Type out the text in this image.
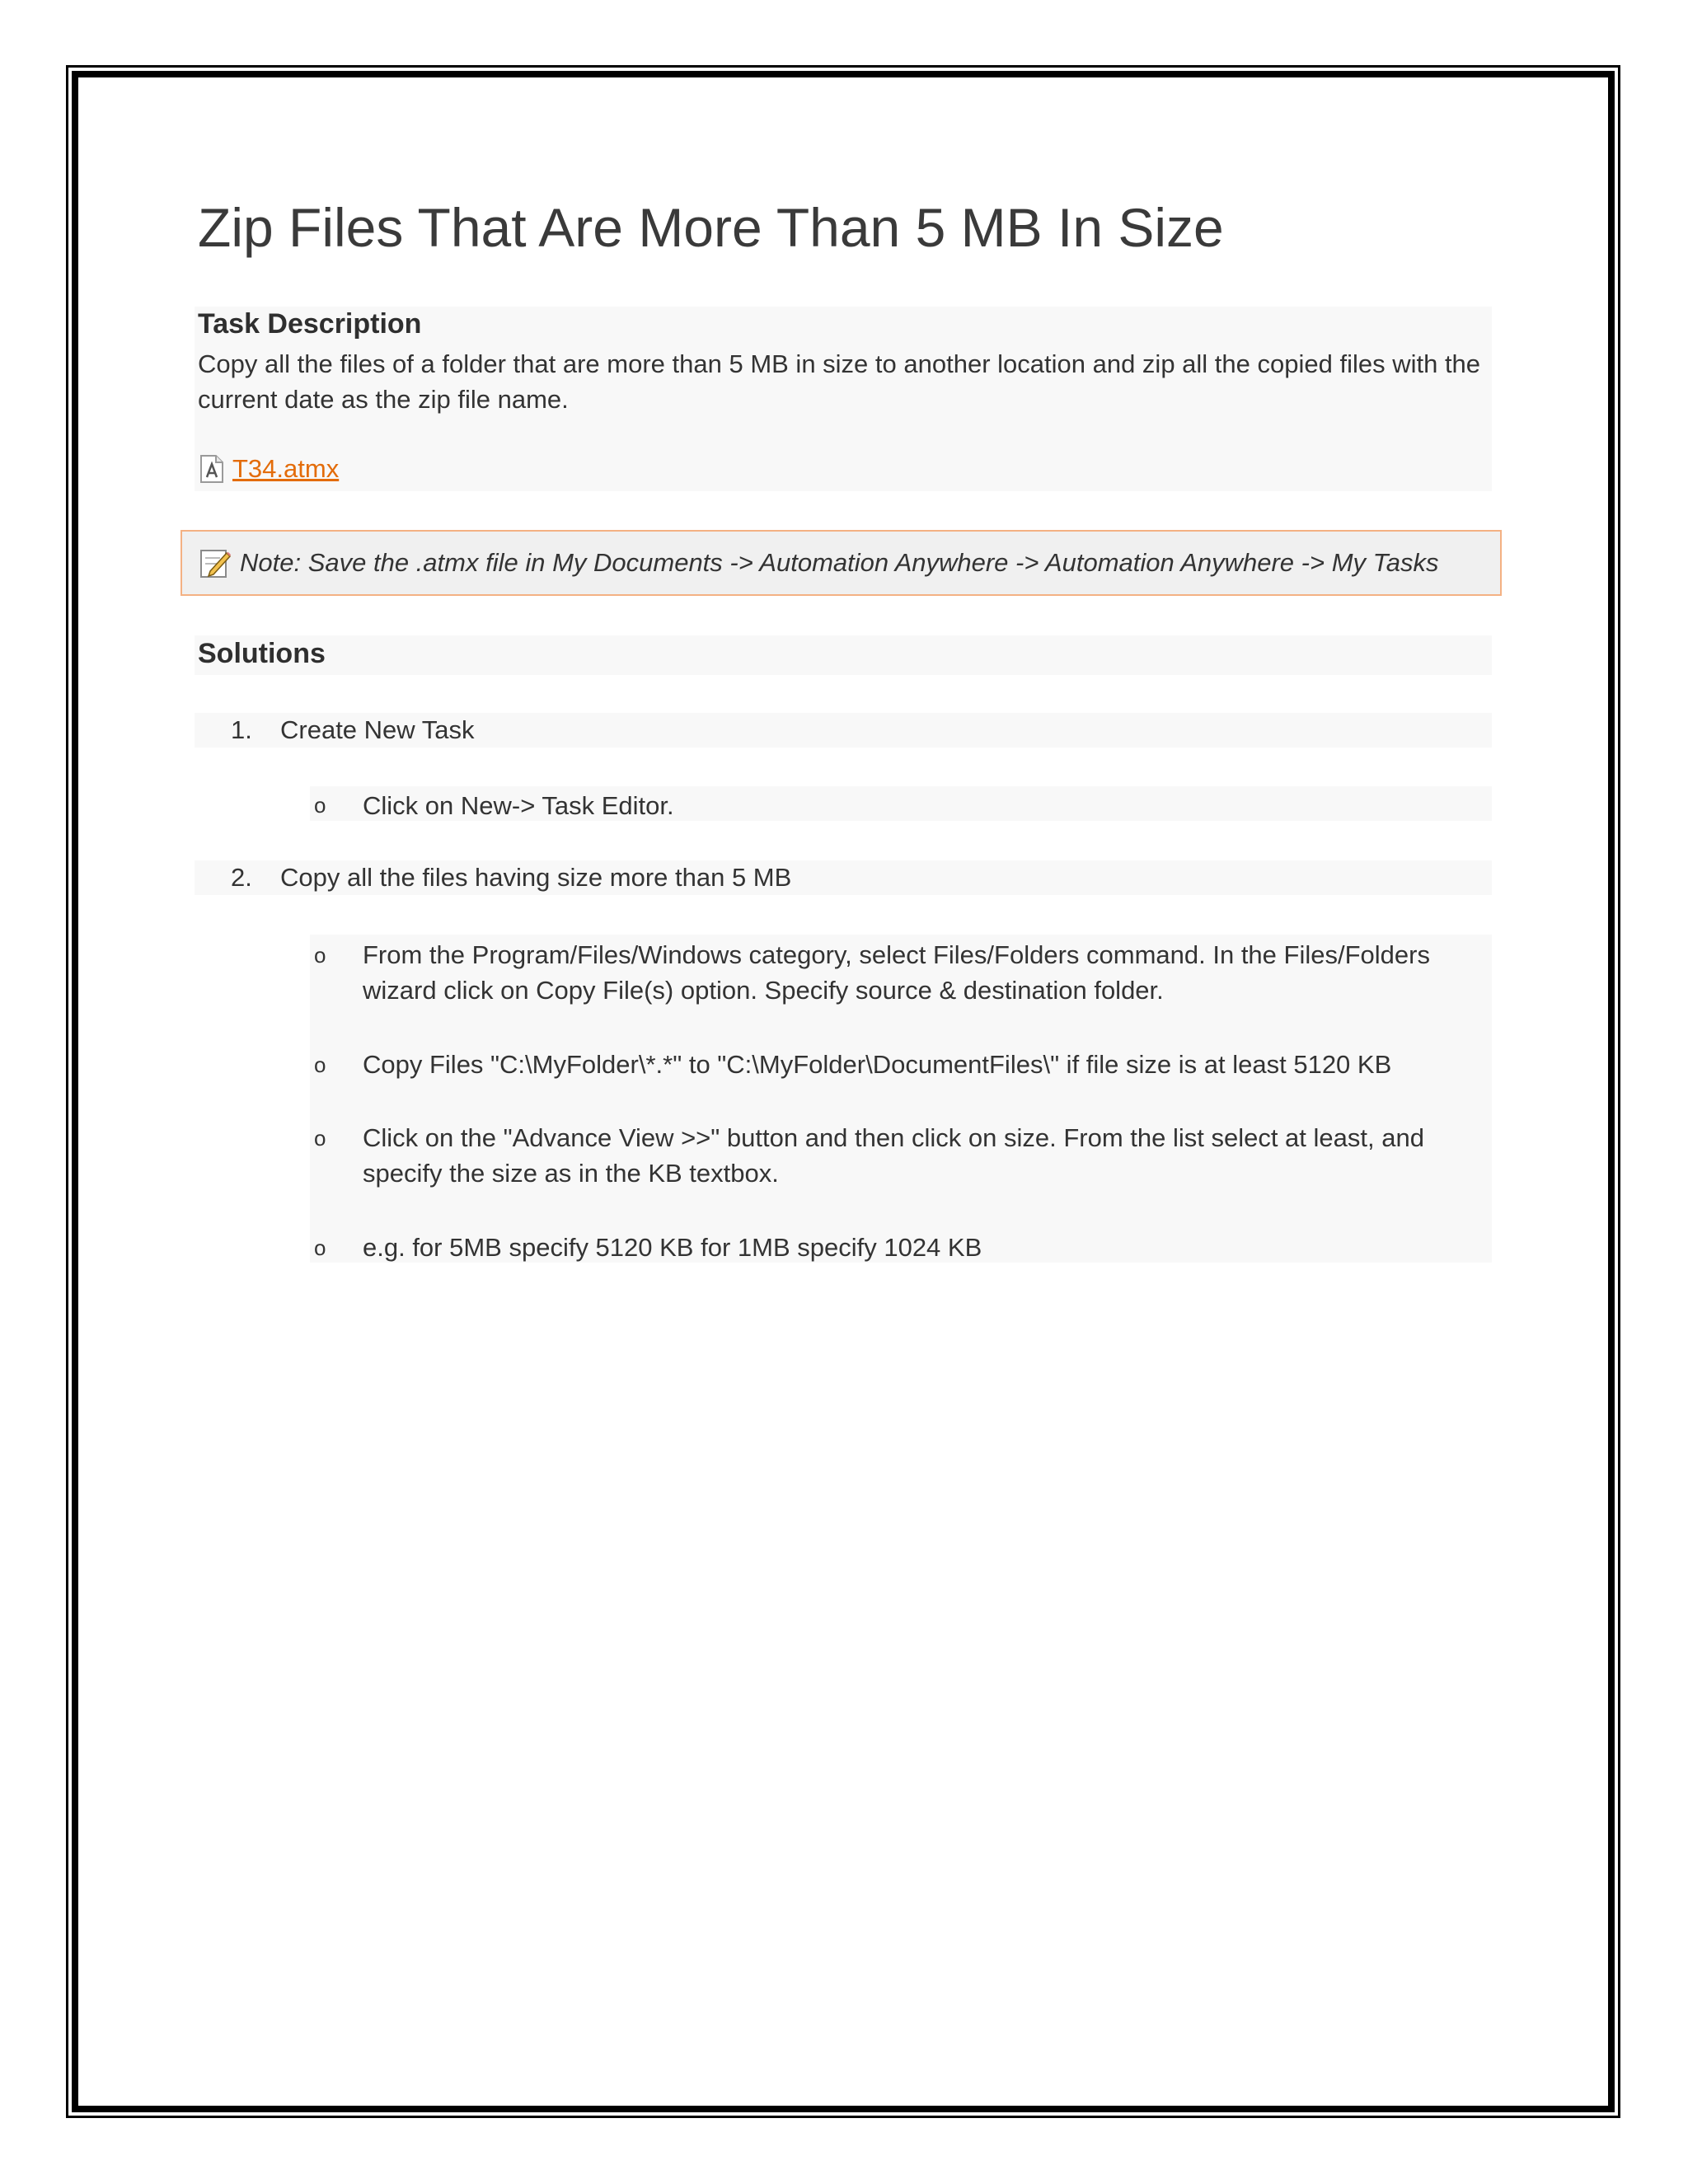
Zip Files That Are More Than 5 MB In Size
Task Description

Copy all the files of a folder that are more than 5 MB in size to another location and zip all the copied files with the current date as the zip file name.

T34.atmx
Note: Save the .atmx file in My Documents -> Automation Anywhere -> Automation Anywhere -> My Tasks
Solutions
1. Create New Task
o Click on New-> Task Editor.

2. Copy all the files having size more than 5 MB
o From the Program/Files/Windows category, select Files/Folders command. In the Files/Folders wizard click on Copy File(s) option. Specify source & destination folder.

o Copy Files "C:\MyFolder\*.*" to "C:\MyFolder\DocumentFiles\" if file size is at least 5120 KB

o Click on the "Advance View >>" button and then click on size. From the list select at least, and specify the size as in the KB textbox.

o e.g. for 5MB specify 5120 KB for 1MB specify 1024 KB
